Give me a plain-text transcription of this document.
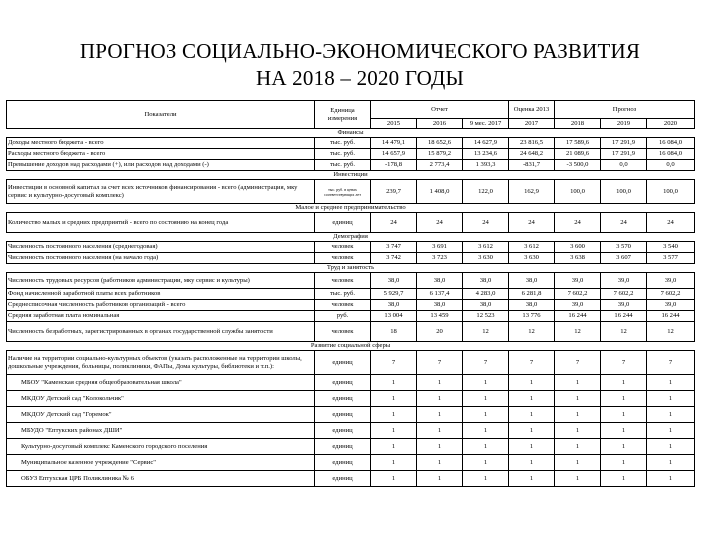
ПРОГНОЗ СОЦИАЛЬНО-ЭКОНОМИЧЕСКОГО РАЗВИТИЯ
НА 2018 – 2020 ГОДЫ
Показатели	Единица измерения	Отчет			Оценка 2013	Прогноз		
		2015	2016	9 мес. 2017	2017	2018	2019	2020
Финансы								
Доходы местного бюджета - всего	тыс. руб.	14 479,1	18 652,6	14 627,9	23 816,5	17 589,6	17 291,9	16 084,0
Расходы местного бюджета - всего	тыс. руб.	14 657,9	15 879,2	13 234,6	24 648,2	21 089,6	17 291,9	16 084,0
Превышение доходов над расходами (+), или расходов над доходами (-)	тыс. руб.	-178,8	2 773,4	1 393,3	-831,7	-3 500,0	0,0	0,0
Инвестиции								
Инвестиции в основной капитал за счет всех источников финансирования - всего (администрация, мку сервис и культурно-досуговый комплекс)	тыс. руб. в ценах соответствующих лет	239,7	1 408,0	122,0	162,9	100,0	100,0	100,0
Малое и среднее предпринимательство								
Количество малых и средних предприятий - всего по состоянию на конец года	единиц	24	24	24	24	24	24	24
Демография								
Численность постоянного населения (среднегодовая)	человек	3 747	3 691	3 612	3 612	3 600	3 570	3 540
Численность постоянного населения (на начало года)	человек	3 742	3 723	3 630	3 630	3 638	3 607	3 577
Труд и занятость								
Численность трудовых ресурсов (работников администрации, мку сервис и культуры)	человек	38,0	38,0	38,0	38,0	39,0	39,0	39,0
Фонд начисленной заработной платы всех работников	тыс. руб.	5 929,7	6 137,4	4 283,0	6 281,8	7 602,2	7 602,2	7 602,2
Среднесписочная численность работников организаций - всего	человек	38,0	38,0	38,0	38,0	39,0	39,0	39,0
Средняя заработная плата номинальная	руб.	13 004	13 459	12 523	13 776	16 244	16 244	16 244
Численность безработных, зарегистрированных в органах государственной службы занятости	человек	18	20	12	12	12	12	12
Развитие социальной сферы								
Наличие на территории социально-культурных объектов (указать расположенные на территории школы, дошкольные учреждения, больницы, поликлиники, ФАПы, Дома культуры, библиотеки и т.п.):	единиц	7	7	7	7	7	7	7
МБОУ "Каменская средняя общеобразовательная школа"	единиц	1	1	1	1	1	1	1
МКДОУ Детский сад "Колокольчик"	единиц	1	1	1	1	1	1	1
МКДОУ Детский сад "Горемок"	единиц	1	1	1	1	1	1	1
МБУДО "Ептукских районах ДШИ"	единиц	1	1	1	1	1	1	1
Культурно-досуговый комплекс Каменского городского поселения	единиц	1	1	1	1	1	1	1
Муниципальное казенное учреждение "Сервис"	единиц	1	1	1	1	1	1	1
ОБУЗ Ептухская ЦРБ Поликлиника № 6	единиц	1	1	1	1	1	1	1
